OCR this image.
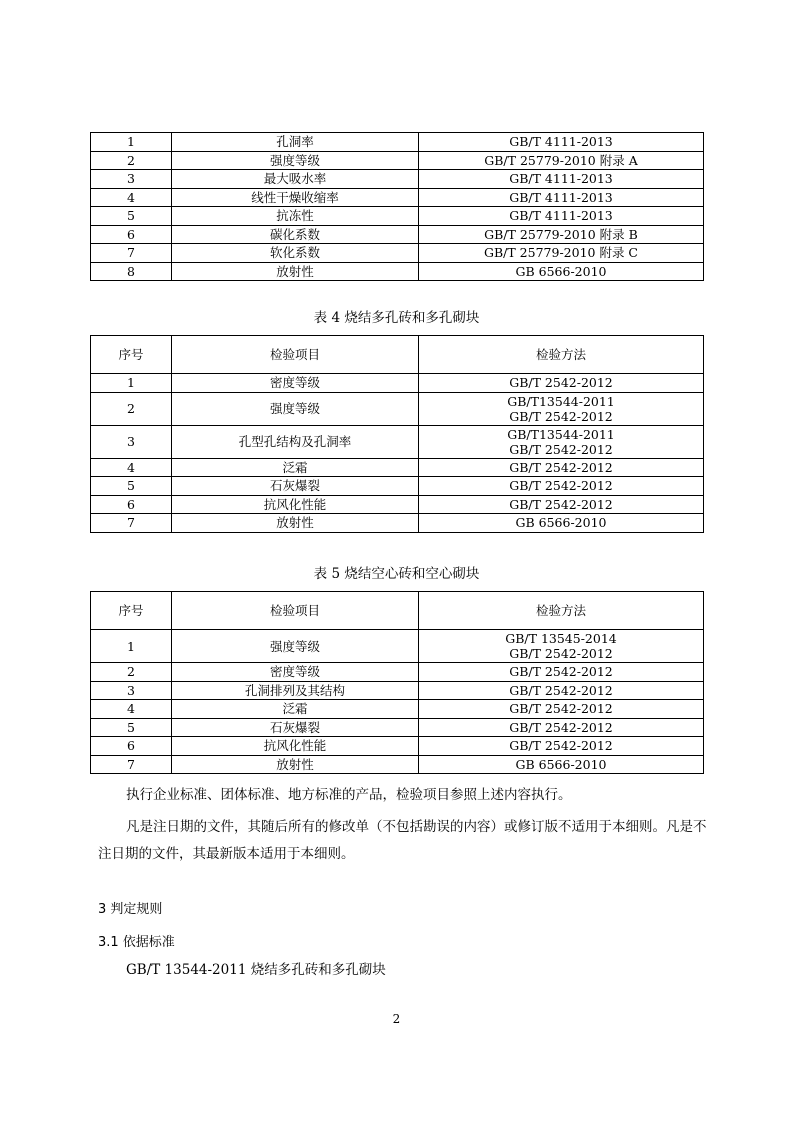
1	孔洞率	GB/T 4111-2013

2	强度等级	GB/T 25779-2010 附录 A

3	最大吸水率	GB/T 4111-2013

4	线性干燥收缩率	GB/T 4111-2013

5	抗冻性	GB/T 4111-2013

6	碳化系数	GB/T 25779-2010 附录 B

7	软化系数	GB/T 25779-2010 附录 C

8	放射性	GB 6566-2010
表 4 烧结多孔砖和多孔砌块
序号	检验项目	检验方法
1	密度等级	GB/T 2542-2012

2	强度等级	GB/T13544-2011
GB/T 2542-2012

3	孔型孔结构及孔洞率	GB/T13544-2011
GB/T 2542-2012

4	泛霜	GB/T 2542-2012

5	石灰爆裂	GB/T 2542-2012

6	抗风化性能	GB/T 2542-2012

7	放射性	GB 6566-2010
表 5 烧结空心砖和空心砌块
序号	检验项目	检验方法
1	强度等级	GB/T 13545-2014
GB/T 2542-2012

2	密度等级	GB/T 2542-2012

3	孔洞排列及其结构	GB/T 2542-2012

4	泛霜	GB/T 2542-2012

5	石灰爆裂	GB/T 2542-2012

6	抗风化性能	GB/T 2542-2012

7	放射性	GB 6566-2010
执行企业标准、团体标准、地方标准的产品，检验项目参照上述内容执行。
凡是注日期的文件，其随后所有的修改单（不包括勘误的内容）或修订版不适用于本细则。凡是不注日期的文件，其最新版本适用于本细则。
3 判定规则
3.1 依据标准
GB/T 13544-2011 烧结多孔砖和多孔砌块
2
